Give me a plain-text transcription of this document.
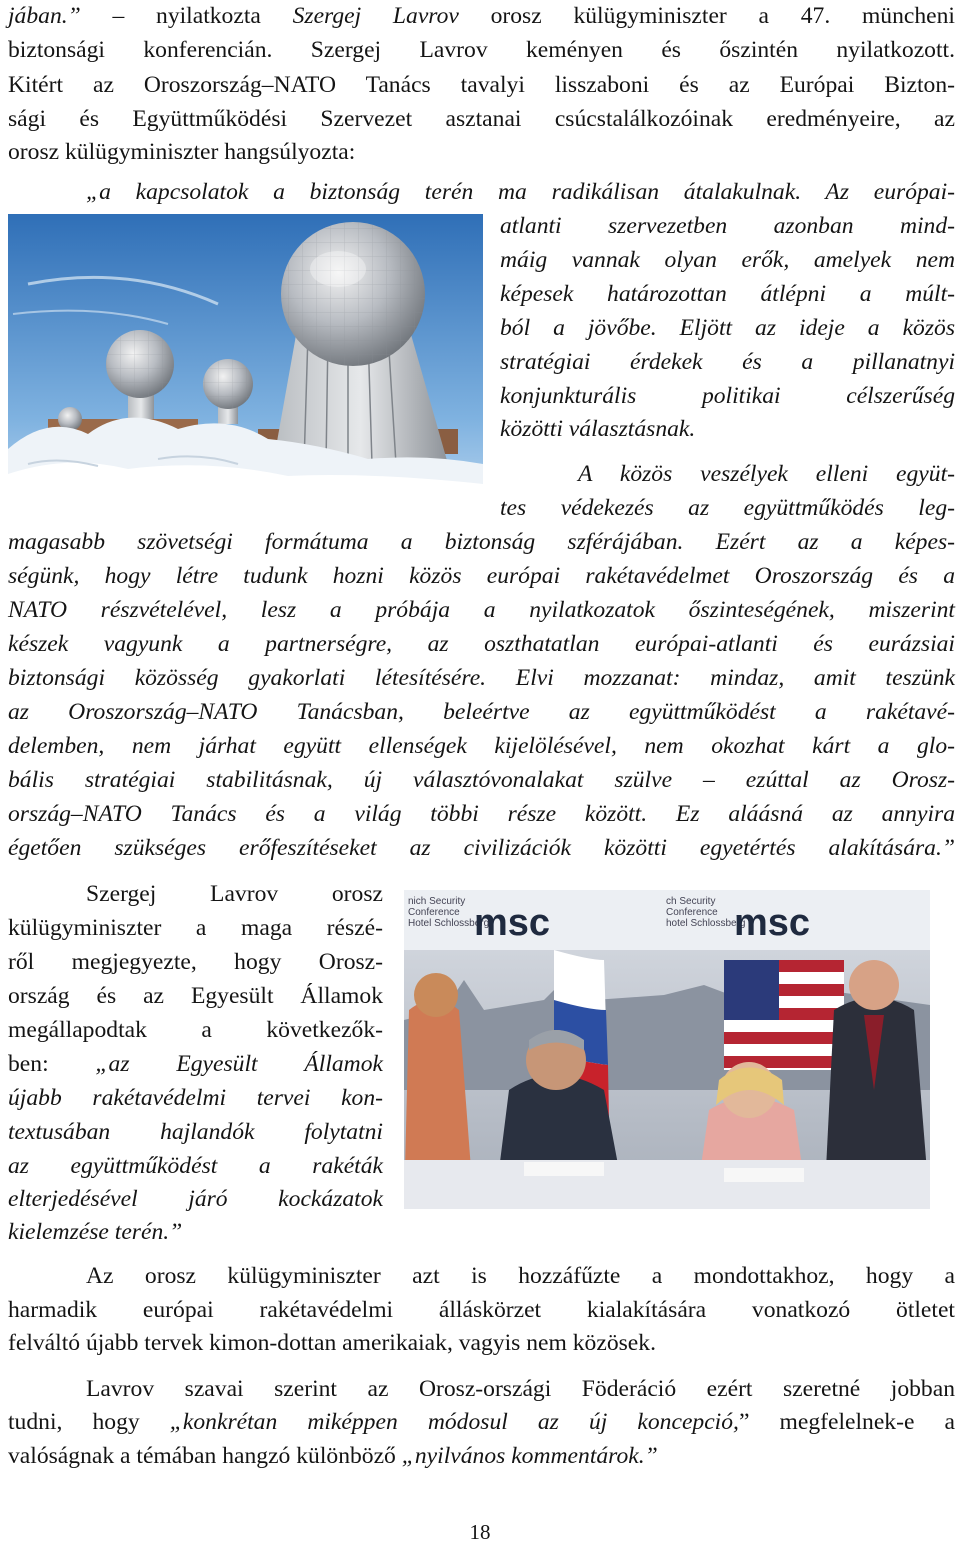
jában.” – nyilatkozta Szergej Lavrov orosz külügyminiszter a 47. müncheni
biztonsági konferencián. Szergej Lavrov keményen és őszintén nyilatkozott.
Kitért az Oroszország–NATO Tanács tavalyi lisszaboni és az Európai Bizton-
sági és Együttműködési Szervezet asztanai csúcstalálkozóinak eredményeire, az
orosz külügyminiszter hangsúlyozta:
„a kapcsolatok a biztonság terén ma radikálisan átalakulnak. Az európai-
atlanti szervezetben azonban mind-
máig vannak olyan erők, amelyek nem
képesek határozottan átlépni a múlt-
ból a jövőbe. Eljött az ideje a közös
stratégiai érdekek és a pillanatnyi
konjunkturális politikai célszerűség
közötti választásnak.
A közös veszélyek elleni együt-
tes védekezés az együttműködés leg-
magasabb szövetségi formátuma a biztonság szférájában. Ezért az a képes-
ségünk, hogy létre tudunk hozni közös európai rakétavédelmet Oroszország és a
NATO részvételével, lesz a próbája a nyilatkozatok őszinteségének, miszerint
készek vagyunk a partnerségre, az oszthatatlan európai-atlanti és eurázsiai
biztonsági közösség gyakorlati létesítésére. Elvi mozzanat: mindaz, amit teszünk
az Oroszország–NATO Tanácsban, beleértve az együttműködést a rakétavé-
delemben, nem járhat együtt ellenségek kijelölésével, nem okozhat kárt a glo-
bális stratégiai stabilitásnak, új választóvonalakat szülve – ezúttal az Orosz-
ország–NATO Tanács és a világ többi része között. Ez aláásná az annyira
égetően szükséges erőfeszítéseket az civilizációk közötti egyetértés alakítására.”
Szergej Lavrov orosz
külügyminiszter a maga részé-
ről megjegyezte, hogy Orosz-
ország és az Egyesült Államok
megállapodtak a következők-
ben: „az Egyesült Államok
újabb rakétavédelmi tervei kon-
textusában hajlandók folytatni
az együttműködést a rakéták
elterjedésével járó kockázatok
kielemzése terén.”
nich Security Conference Hotel Schlossberg
msc
ch Security Conference hotel Schlossberg
msc
Az orosz külügyminiszter azt is hozzáfűzte a mondottakhoz, hogy a
harmadik európai rakétavédelmi álláskörzet kialakítására vonatkozó ötletet
felváltó újabb tervek kimon-dottan amerikaiak, vagyis nem közösek.
Lavrov szavai szerint az Orosz-országi Föderáció ezért szeretné jobban
tudni, hogy „konkrétan miképpen módosul az új koncepció,” megfelelnek-e a
valóságnak a témában hangzó különböző „nyilvános kommentárok.”
18
